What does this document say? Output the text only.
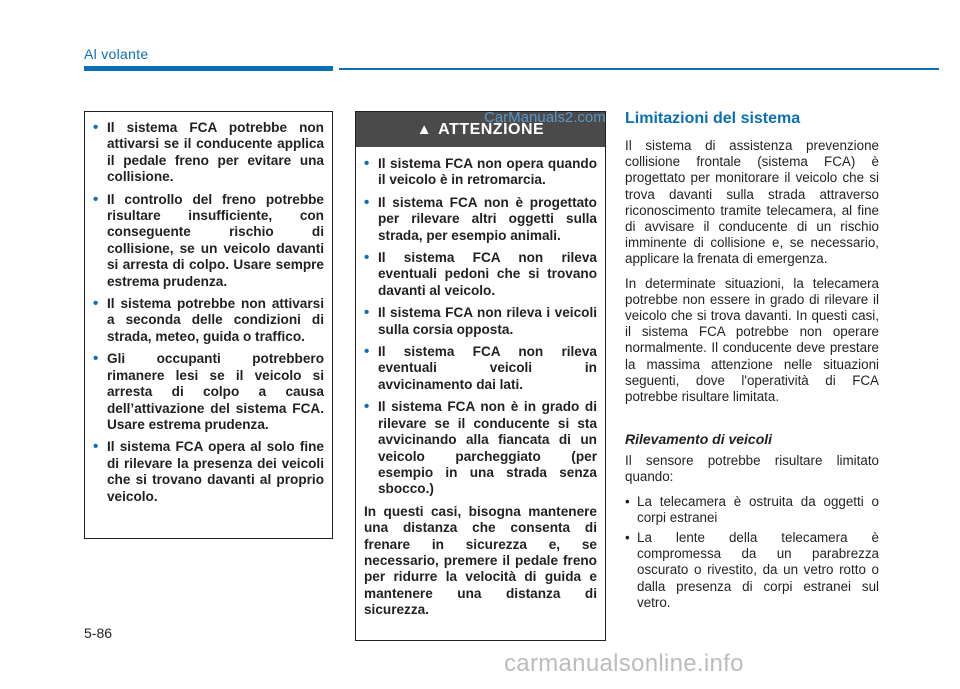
Al volante
• Il sistema FCA potrebbe non attivarsi se il conducente applica il pedale freno per evitare una collisione.
• Il controllo del freno potrebbe risultare insufficiente, con conseguente rischio di collisione, se un veicolo davanti si arresta di colpo. Usare sempre estrema prudenza.
• Il sistema potrebbe non attivarsi a seconda delle condizioni di strada, meteo, guida o traffico.
• Gli occupanti potrebbero rimanere lesi se il veicolo si arresta di colpo a causa dell’attivazione del sistema FCA. Usare estrema prudenza.
• Il sistema FCA opera al solo fine di rilevare la presenza dei veicoli che si trovano davanti al proprio veicolo.
▲ ATTENZIONE
• Il sistema FCA non opera quando il veicolo è in retromarcia.
• Il sistema FCA non è progettato per rilevare altri oggetti sulla strada, per esempio animali.
• Il sistema FCA non rileva eventuali pedoni che si trovano davanti al veicolo.
• Il sistema FCA non rileva i veicoli sulla corsia opposta.
• Il sistema FCA non rileva eventuali veicoli in avvicinamento dai lati.
• Il sistema FCA non è in grado di rilevare se il conducente si sta avvicinando alla fiancata di un veicolo parcheggiato (per esempio in una strada senza sbocco.)
In questi casi, bisogna mantenere una distanza che consenta di frenare in sicurezza e, se necessario, premere il pedale freno per ridurre la velocità di guida e mantenere una distanza di sicurezza.
Limitazioni del sistema

Il sistema di assistenza prevenzione collisione frontale (sistema FCA) è progettato per monitorare il veicolo che si trova davanti sulla strada attraverso riconoscimento tramite telecamera, al fine di avvisare il conducente di un rischio imminente di collisione e, se necessario, applicare la frenata di emergenza.

In determinate situazioni, la telecamera potrebbe non essere in grado di rilevare il veicolo che si trova davanti. In questi casi, il sistema FCA potrebbe non operare normalmente. Il conducente deve prestare la massima attenzione nelle situazioni seguenti, dove l'operatività di FCA potrebbe risultare limitata.

Rilevamento di veicoli

Il sensore potrebbe risultare limitato quando:

• La telecamera è ostruita da oggetti o corpi estranei
• La lente della telecamera è compromessa da un parabrezza oscurato o rivestito, da un vetro rotto o dalla presenza di corpi estranei sul vetro.
5-86
CarManuals2.com
carmanualsonline.info
